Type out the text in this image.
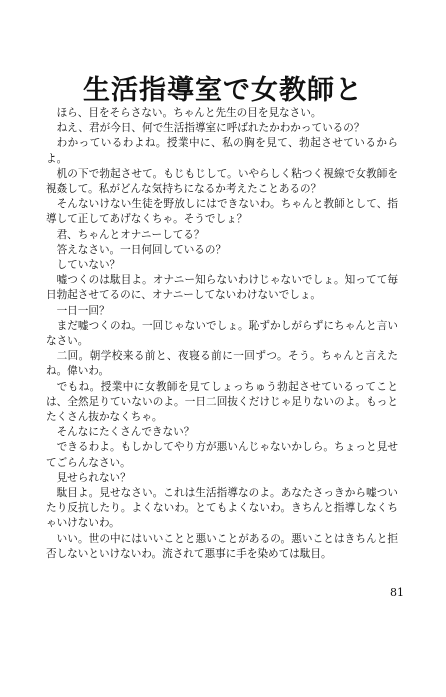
生活指導室で女教師と

ほら、目をそらさない。ちゃんと先生の目を見なさい。

ねえ、君が今日、何で生活指導室に呼ばれたかわかっているの？

わかっているわよね。授業中に、私の胸を見て、勃起させているからよ。

机の下で勃起させて。もじもじして。いやらしく粘つく視線で女教師を視姦して。私がどんな気持ちになるか考えたことあるの？

そんないけない生徒を野放しにはできないわ。ちゃんと教師として、指導して正してあげなくちゃ。そうでしょ？

君、ちゃんとオナニーしてる？

答えなさい。一日何回しているの？

していない？

嘘つくのは駄目よ。オナニー知らないわけじゃないでしょ。知ってて毎日勃起させてるのに、オナニーしてないわけないでしょ。

一日一回？

まだ嘘つくのね。一回じゃないでしょ。恥ずかしがらずにちゃんと言いなさい。

二回。朝学校来る前と、夜寝る前に一回ずつ。そう。ちゃんと言えたね。偉いわ。

でもね。授業中に女教師を見てしょっちゅう勃起させているってことは、全然足りていないのよ。一日二回抜くだけじゃ足りないのよ。もっとたくさん抜かなくちゃ。

そんなにたくさんできない？

できるわよ。もしかしてやり方が悪いんじゃないかしら。ちょっと見せてごらんなさい。

見せられない？

駄目よ。見せなさい。これは生活指導なのよ。あなたさっきから嘘ついたり反抗したり。よくないわ。とてもよくないわ。きちんと指導しなくちゃいけないわ。

いい。世の中にはいいことと悪いことがあるの。悪いことはきちんと拒否しないといけないわ。流されて悪事に手を染めては駄目。

81
